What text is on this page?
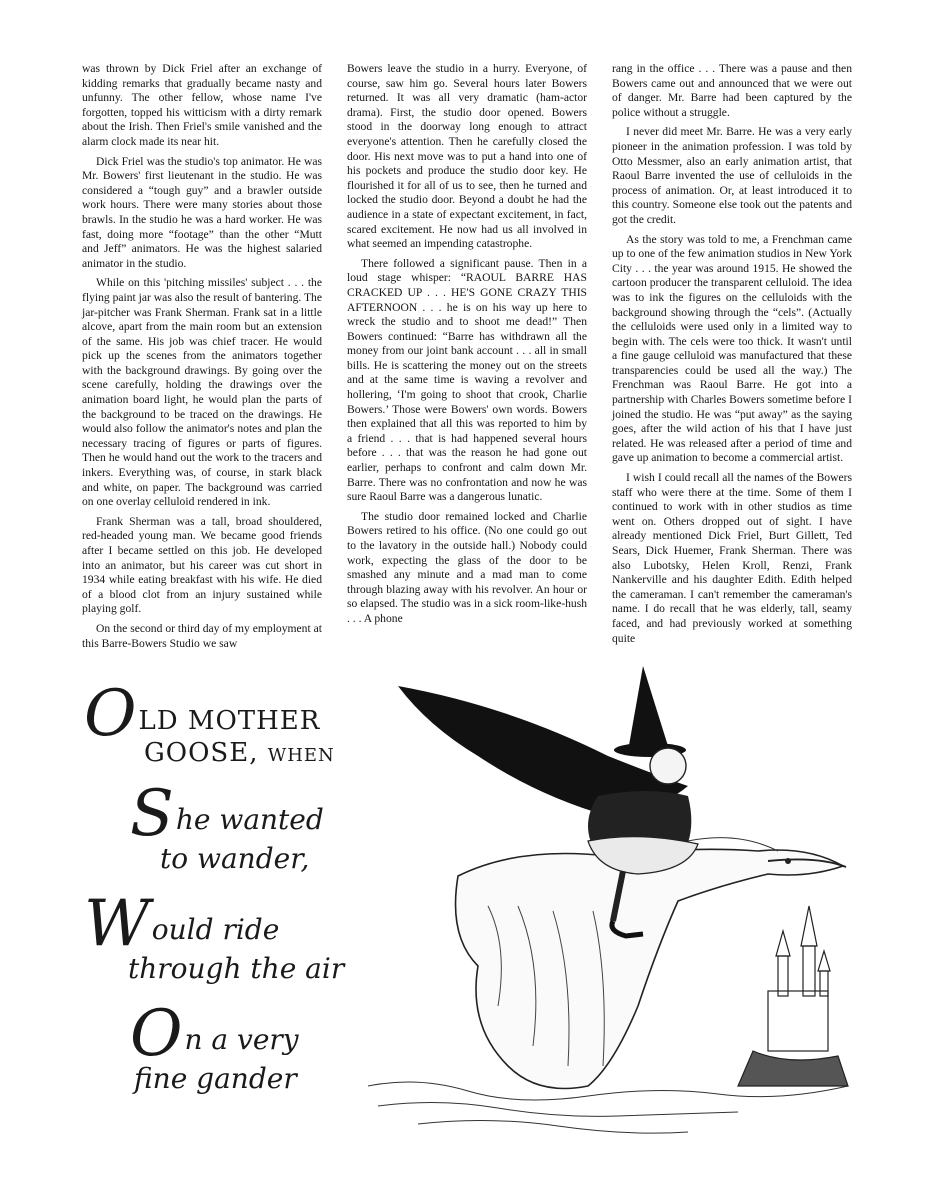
was thrown by Dick Friel after an exchange of kidding remarks that gradually became nasty and unfunny. The other fellow, whose name I've forgotten, topped his witticism with a dirty remark about the Irish. Then Friel's smile vanished and the alarm clock made its near hit.

Dick Friel was the studio's top animator. He was Mr. Bowers' first lieutenant in the studio. He was considered a “tough guy” and a brawler outside work hours. There were many stories about those brawls. In the studio he was a hard worker. He was fast, doing more “footage” than the other “Mutt and Jeff” animators. He was the highest salaried animator in the studio.

While on this 'pitching missiles' subject . . . the flying paint jar was also the result of bantering. The jar-pitcher was Frank Sherman. Frank sat in a little alcove, apart from the main room but an extension of the same. His job was chief tracer. He would pick up the scenes from the animators together with the background drawings. By going over the scene carefully, holding the drawings over the animation board light, he would plan the parts of the background to be traced on the drawings. He would also follow the animator's notes and plan the necessary tracing of figures or parts of figures. Then he would hand out the work to the tracers and inkers. Everything was, of course, in stark black and white, on paper. The background was carried on one overlay celluloid rendered in ink.

Frank Sherman was a tall, broad shouldered, red-headed young man. We became good friends after I became settled on this job. He developed into an animator, but his career was cut short in 1934 while eating breakfast with his wife. He died of a blood clot from an injury sustained while playing golf.

On the second or third day of my employment at this Barre-Bowers Studio we saw

Bowers leave the studio in a hurry. Everyone, of course, saw him go. Several hours later Bowers returned. It was all very dramatic (ham-actor drama). First, the studio door opened. Bowers stood in the doorway long enough to attract everyone's attention. Then he carefully closed the door. His next move was to put a hand into one of his pockets and produce the studio door key. He flourished it for all of us to see, then he turned and locked the studio door. Beyond a doubt he had the audience in a state of expectant excitement, in fact, scared excitement. He now had us all involved in what seemed an impending catastrophe.

There followed a significant pause. Then in a loud stage whisper: “RAOUL BARRE HAS CRACKED UP . . . HE'S GONE CRAZY THIS AFTERNOON . . . he is on his way up here to wreck the studio and to shoot me dead!” Then Bowers continued: “Barre has withdrawn all the money from our joint bank account . . . all in small bills. He is scattering the money out on the streets and at the same time is waving a revolver and hollering, ‘I'm going to shoot that crook, Charlie Bowers.’ Those were Bowers' own words. Bowers then explained that all this was reported to him by a friend . . . that is had happened several hours before . . . that was the reason he had gone out earlier, perhaps to confront and calm down Mr. Barre. There was no confrontation and now he was sure Raoul Barre was a dangerous lunatic.

The studio door remained locked and Charlie Bowers retired to his office. (No one could go out to the lavatory in the outside hall.) Nobody could work, expecting the glass of the door to be smashed any minute and a mad man to come through blazing away with his revolver. An hour or so elapsed. The studio was in a sick room-like-hush . . . A phone

rang in the office . . . There was a pause and then Bowers came out and announced that we were out of danger. Mr. Barre had been captured by the police without a struggle.

I never did meet Mr. Barre. He was a very early pioneer in the animation profession. I was told by Otto Messmer, also an early animation artist, that Raoul Barre invented the use of celluloids in the process of animation. Or, at least introduced it to this country. Someone else took out the patents and got the credit.

As the story was told to me, a Frenchman came up to one of the few animation studios in New York City . . . the year was around 1915. He showed the cartoon producer the transparent celluloid. The idea was to ink the figures on the celluloids with the background showing through the “cels”. (Actually the celluloids were used only in a limited way to begin with. The cels were too thick. It wasn't until a fine gauge celluloid was manufactured that these transparencies could be used all the way.) The Frenchman was Raoul Barre. He got into a partnership with Charles Bowers sometime before I joined the studio. He was “put away” as the saying goes, after the wild action of his that I have just related. He was released after a period of time and gave up animation to become a commercial artist.

I wish I could recall all the names of the Bowers staff who were there at the time. Some of them I continued to work with in other studios as time went on. Others dropped out of sight. I have already mentioned Dick Friel, Burt Gillett, Ted Sears, Dick Huemer, Frank Sherman. There was also Lubotsky, Helen Kroll, Renzi, Frank Nankerville and his daughter Edith. Edith helped the cameraman. I can't remember the cameraman's name. I do recall that he was elderly, tall, seamy faced, and had previously worked at something quite

OLD MOTHER
GOOSE, when
She wanted
to wander,
Would ride
through the air
On a very
fine gander
